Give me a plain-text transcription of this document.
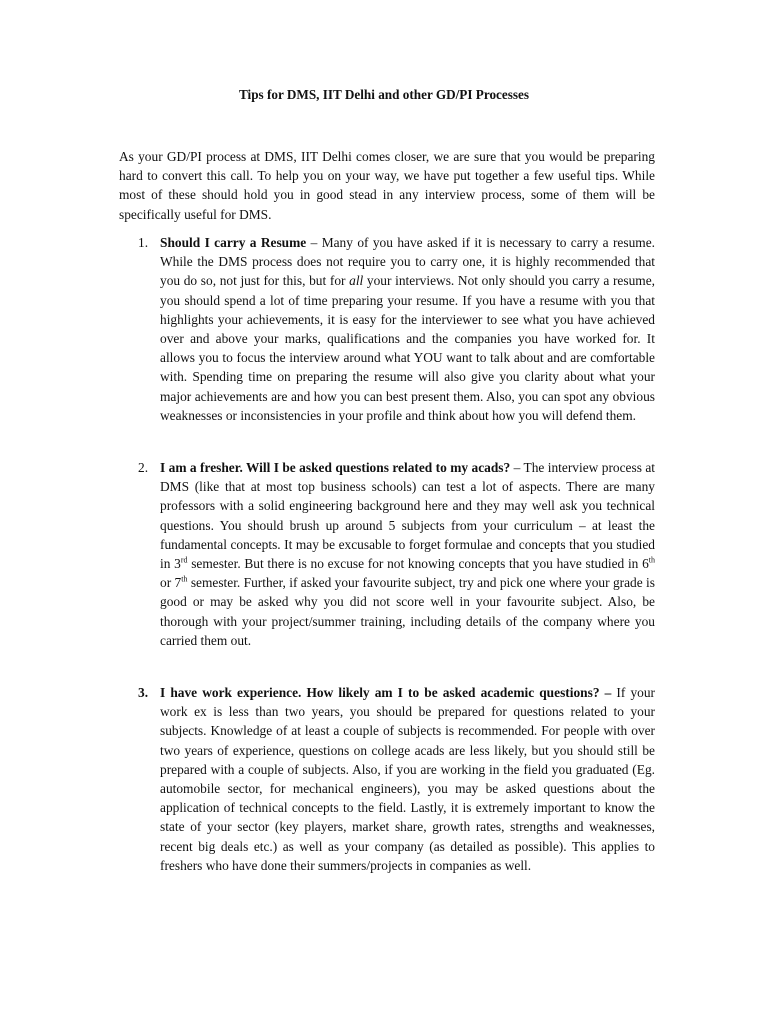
Tips for DMS, IIT Delhi and other GD/PI Processes

As your GD/PI process at DMS, IIT Delhi comes closer, we are sure that you would be preparing hard to convert this call. To help you on your way, we have put together a few useful tips. While most of these should hold you in good stead in any interview process, some of them will be specifically useful for DMS.

1. Should I carry a Resume – Many of you have asked if it is necessary to carry a resume. While the DMS process does not require you to carry one, it is highly recommended that you do so, not just for this, but for all your interviews. Not only should you carry a resume, you should spend a lot of time preparing your resume. If you have a resume with you that highlights your achievements, it is easy for the interviewer to see what you have achieved over and above your marks, qualifications and the companies you have worked for. It allows you to focus the interview around what YOU want to talk about and are comfortable with. Spending time on preparing the resume will also give you clarity about what your major achievements are and how you can best present them. Also, you can spot any obvious weaknesses or inconsistencies in your profile and think about how you will defend them.
2. I am a fresher. Will I be asked questions related to my acads? – The interview process at DMS (like that at most top business schools) can test a lot of aspects. There are many professors with a solid engineering background here and they may well ask you technical questions. You should brush up around 5 subjects from your curriculum – at least the fundamental concepts. It may be excusable to forget formulae and concepts that you studied in 3rd semester. But there is no excuse for not knowing concepts that you have studied in 6th or 7th semester. Further, if asked your favourite subject, try and pick one where your grade is good or may be asked why you did not score well in your favourite subject. Also, be thorough with your project/summer training, including details of the company where you carried them out.
3. I have work experience. How likely am I to be asked academic questions? – If your work ex is less than two years, you should be prepared for questions related to your subjects. Knowledge of at least a couple of subjects is recommended. For people with over two years of experience, questions on college acads are less likely, but you should still be prepared with a couple of subjects. Also, if you are working in the field you graduated (Eg. automobile sector, for mechanical engineers), you may be asked questions about the application of technical concepts to the field. Lastly, it is extremely important to know the state of your sector (key players, market share, growth rates, strengths and weaknesses, recent big deals etc.) as well as your company (as detailed as possible). This applies to freshers who have done their summers/projects in companies as well.
